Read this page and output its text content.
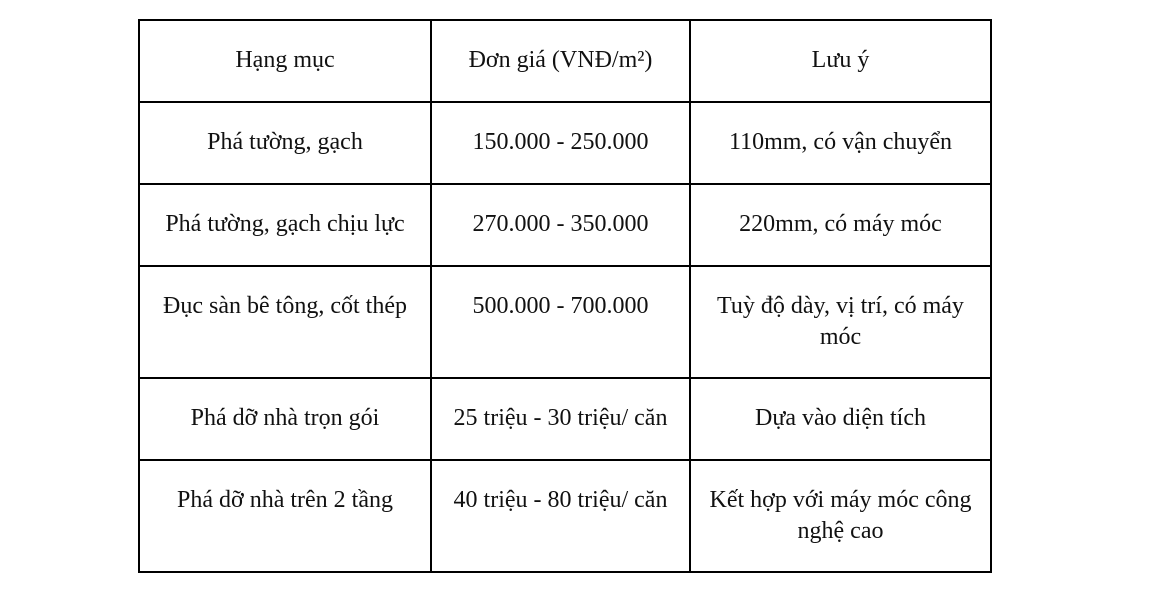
Hạng mục	Đơn giá (VNĐ/m²)	Lưu ý
Phá tường, gạch	150.000 - 250.000	110mm, có vận chuyển
Phá tường, gạch chịu lực	270.000 - 350.000	220mm, có máy móc
Đục sàn bê tông, cốt thép	500.000 - 700.000	Tuỳ độ dày, vị trí, có máy móc
Phá dỡ nhà trọn gói	25 triệu - 30 triệu/ căn	Dựa vào diện tích
Phá dỡ nhà trên 2 tầng	40 triệu - 80 triệu/ căn	Kết hợp với máy móc công nghệ cao
